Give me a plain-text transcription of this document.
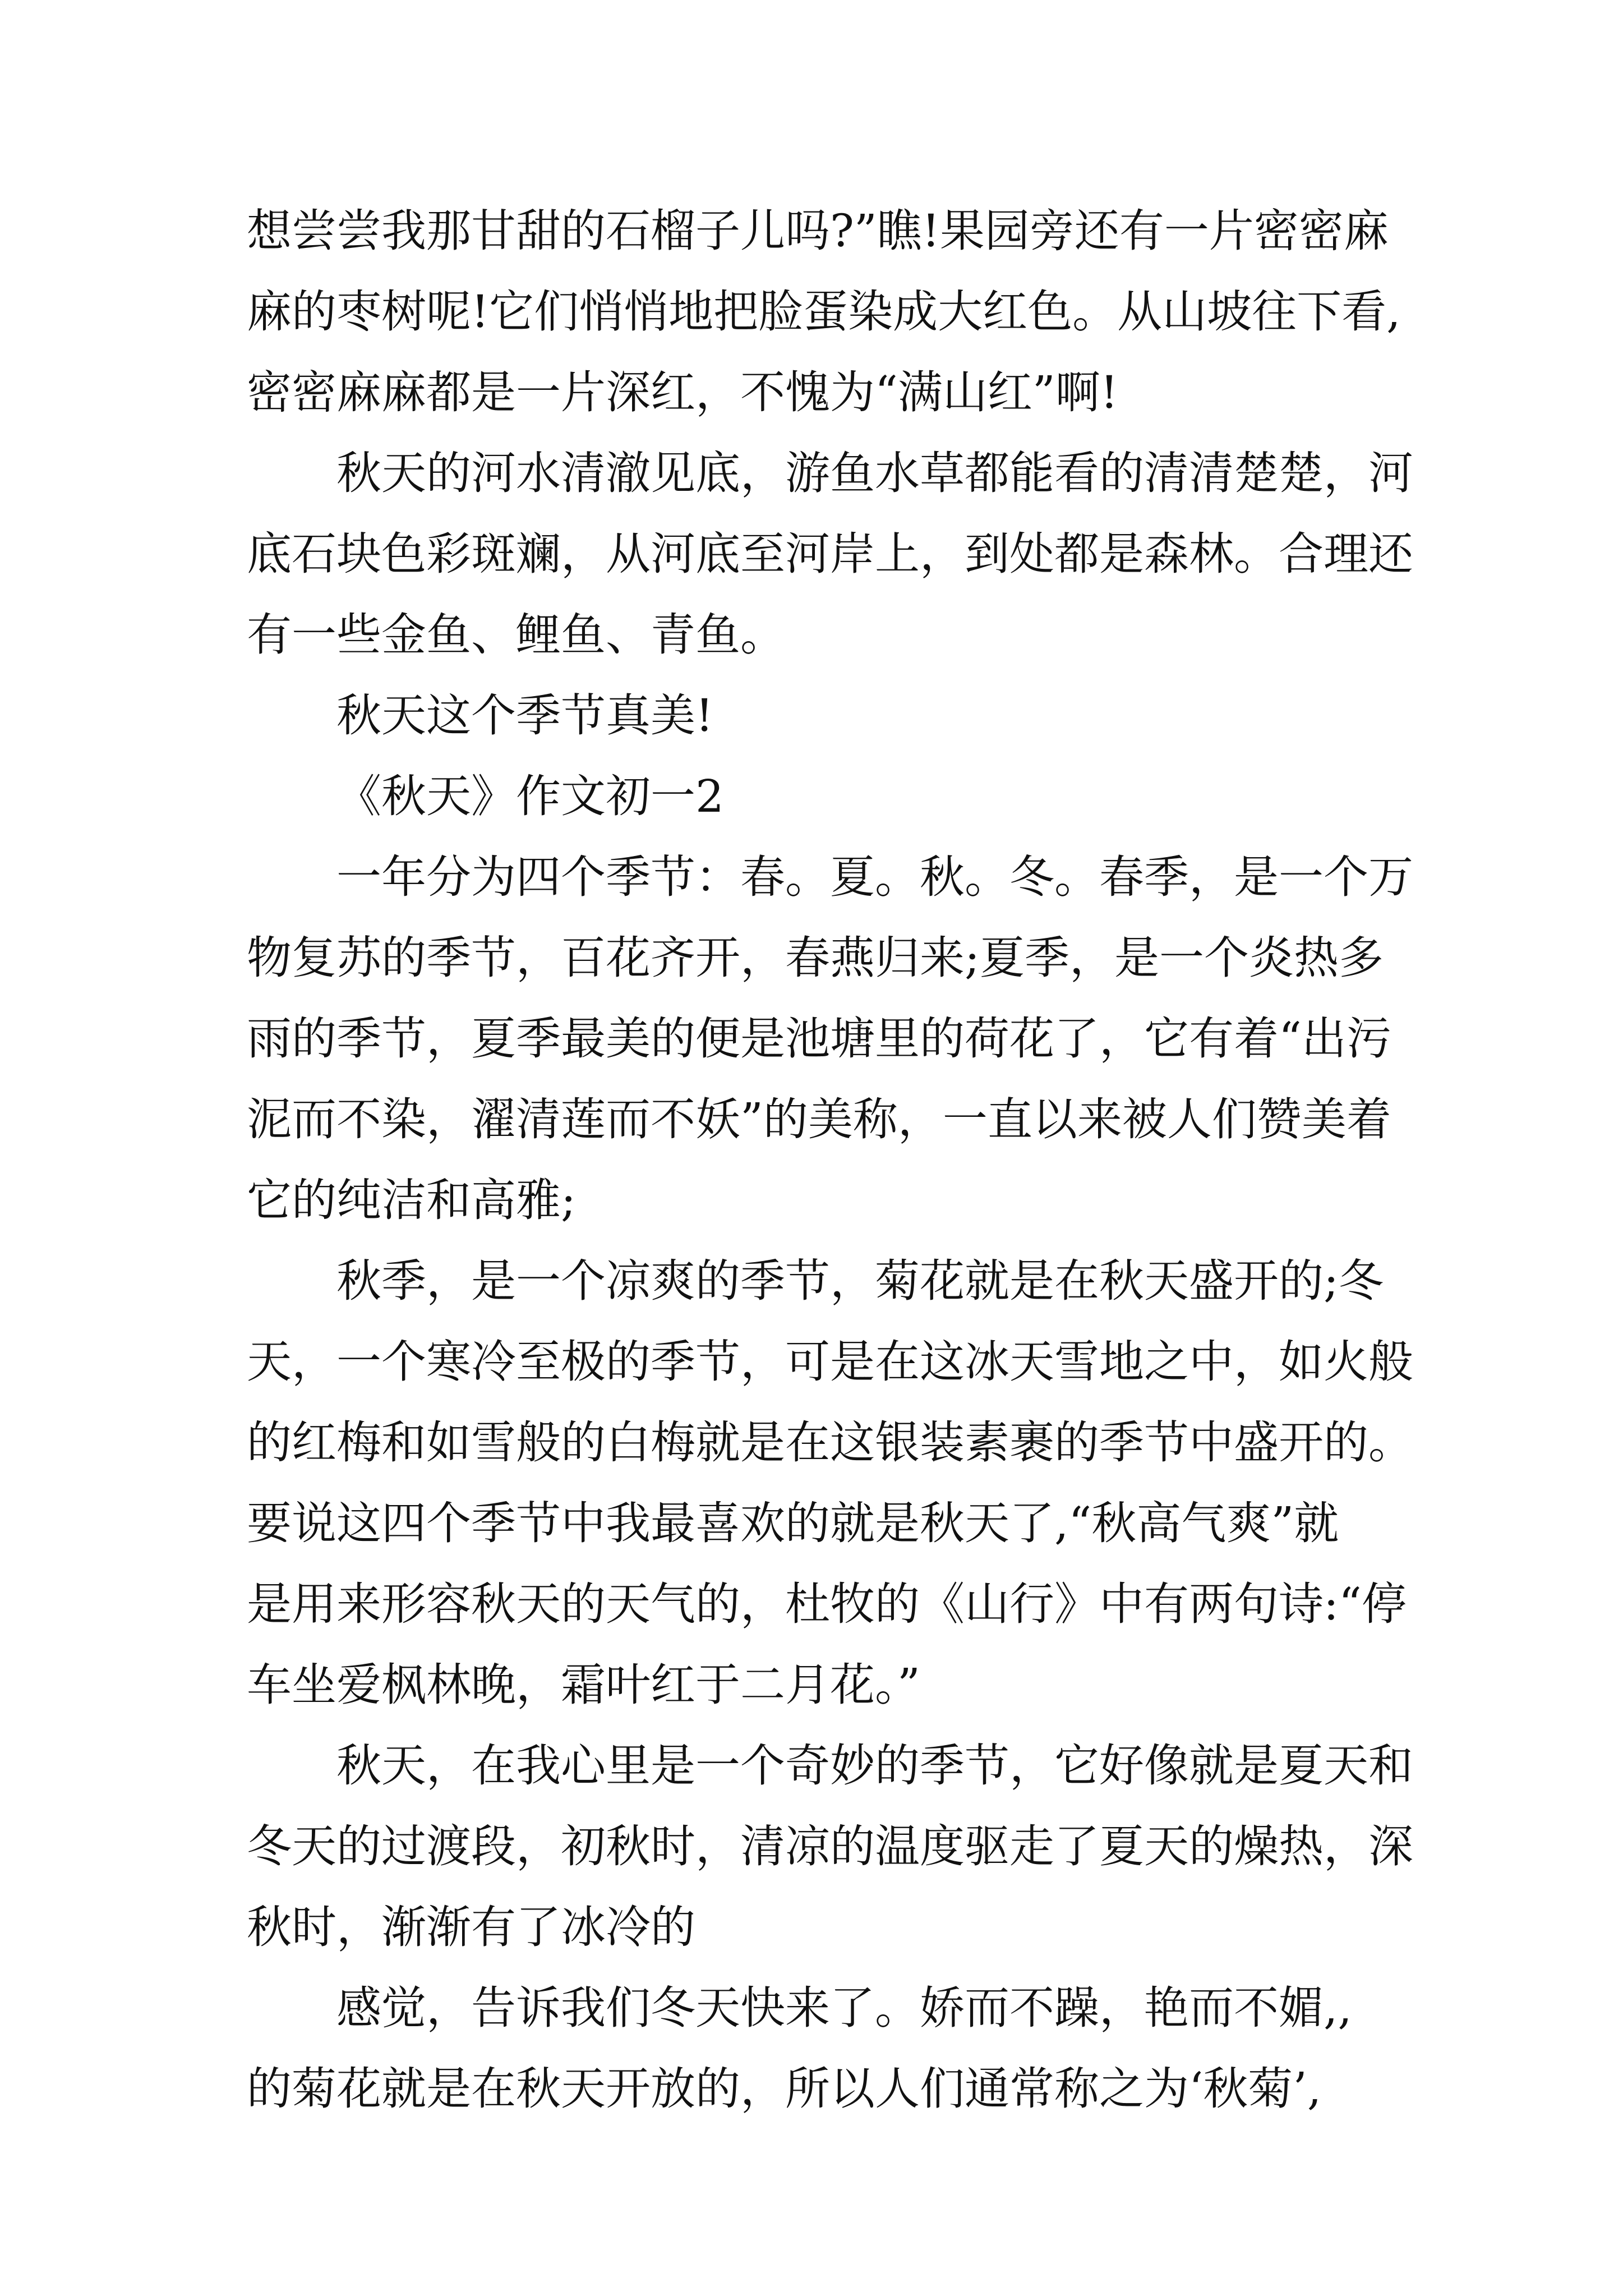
想尝尝我那甘甜的石榴子儿吗?”瞧!果园旁还有一片密密麻
麻的枣树呢!它们悄悄地把脸蛋染成大红色。从山坡往下看,
密密麻麻都是一片深红，不愧为“满山红”啊!
秋天的河水清澈见底，游鱼水草都能看的清清楚楚，河
底石块色彩斑斓，从河底至河岸上，到处都是森林。合理还
有一些金鱼、鲤鱼、青鱼。
秋天这个季节真美!
《秋天》作文初一2
一年分为四个季节：春。夏。秋。冬。春季，是一个万
物复苏的季节，百花齐开，春燕归来;夏季，是一个炎热多
雨的季节，夏季最美的便是池塘里的荷花了，它有着“出污
泥而不染，濯清莲而不妖”的美称，一直以来被人们赞美着
它的纯洁和高雅;
秋季，是一个凉爽的季节，菊花就是在秋天盛开的;冬
天，一个寒冷至极的季节，可是在这冰天雪地之中，如火般
的红梅和如雪般的白梅就是在这银装素裹的季节中盛开的。
要说这四个季节中我最喜欢的就是秋天了,“秋高气爽”就
是用来形容秋天的天气的，杜牧的《山行》中有两句诗:“停
车坐爱枫林晚，霜叶红于二月花。”
秋天，在我心里是一个奇妙的季节，它好像就是夏天和
冬天的过渡段，初秋时，清凉的温度驱走了夏天的燥热，深
秋时，渐渐有了冰冷的
感觉，告诉我们冬天快来了。娇而不躁，艳而不媚,,
的菊花就是在秋天开放的，所以人们通常称之为‘秋菊’,
